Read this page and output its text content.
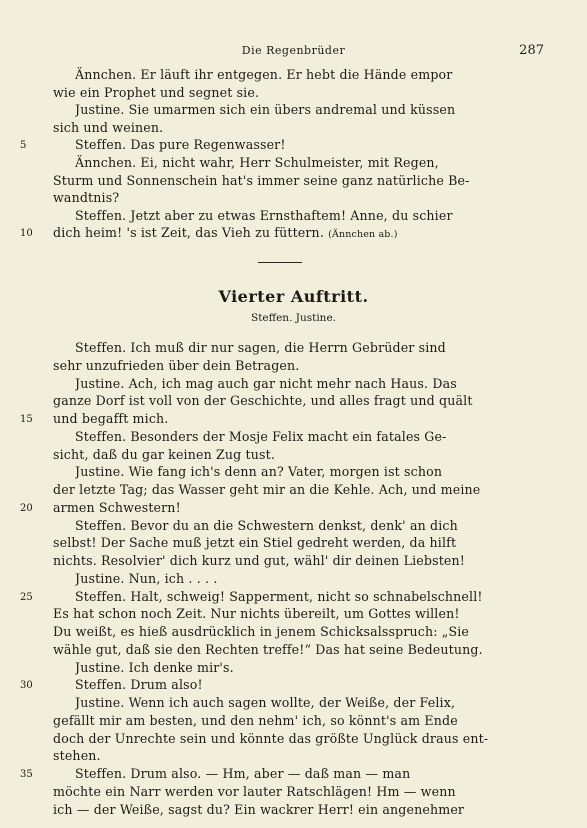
Die Regenbrüder	287
Ännchen. Er läuft ihr entgegen. Er hebt die Hände empor
wie ein Prophet und segnet sie.
Justine. Sie umarmen sich ein übers andremal und küssen
sich und weinen.
Steffen. Das pure Regenwasser!
5
Ännchen. Ei, nicht wahr, Herr Schulmeister, mit Regen,
Sturm und Sonnenschein hat's immer seine ganz natürliche Be-
wandtnis?
Steffen. Jetzt aber zu etwas Ernsthaftem! Anne, du schier
dich heim! 's ist Zeit, das Vieh zu füttern. (Ännchen ab.)
10
Vierter Auftritt.
Steffen. Justine.
Steffen. Ich muß dir nur sagen, die Herrn Gebrüder sind
sehr unzufrieden über dein Betragen.
Justine. Ach, ich mag auch gar nicht mehr nach Haus. Das
ganze Dorf ist voll von der Geschichte, und alles fragt und quält
und begafft mich.
15
Steffen. Besonders der Mosje Felix macht ein fatales Ge-
sicht, daß du gar keinen Zug tust.
Justine. Wie fang ich's denn an? Vater, morgen ist schon
der letzte Tag; das Wasser geht mir an die Kehle. Ach, und meine
armen Schwestern!
20
Steffen. Bevor du an die Schwestern denkst, denk' an dich
selbst! Der Sache muß jetzt ein Stiel gedreht werden, da hilft
nichts. Resolvier' dich kurz und gut, wähl' dir deinen Liebsten!
Justine. Nun, ich . . . .
Steffen. Halt, schweig! Sapperment, nicht so schnabelschnell!
25
Es hat schon noch Zeit. Nur nichts übereilt, um Gottes willen!
Du weißt, es hieß ausdrücklich in jenem Schicksalsspruch: „Sie
wähle gut, daß sie den Rechten treffe!“ Das hat seine Bedeutung.
Justine. Ich denke mir's.
Steffen. Drum also!
30
Justine. Wenn ich auch sagen wollte, der Weiße, der Felix,
gefällt mir am besten, und den nehm' ich, so könnt's am Ende
doch der Unrechte sein und könnte das größte Unglück draus ent-
stehen.
Steffen. Drum also. — Hm, aber — daß man — man
35
möchte ein Narr werden vor lauter Ratschlägen! Hm — wenn
ich — der Weiße, sagst du? Ein wackrer Herr! ein angenehmer
